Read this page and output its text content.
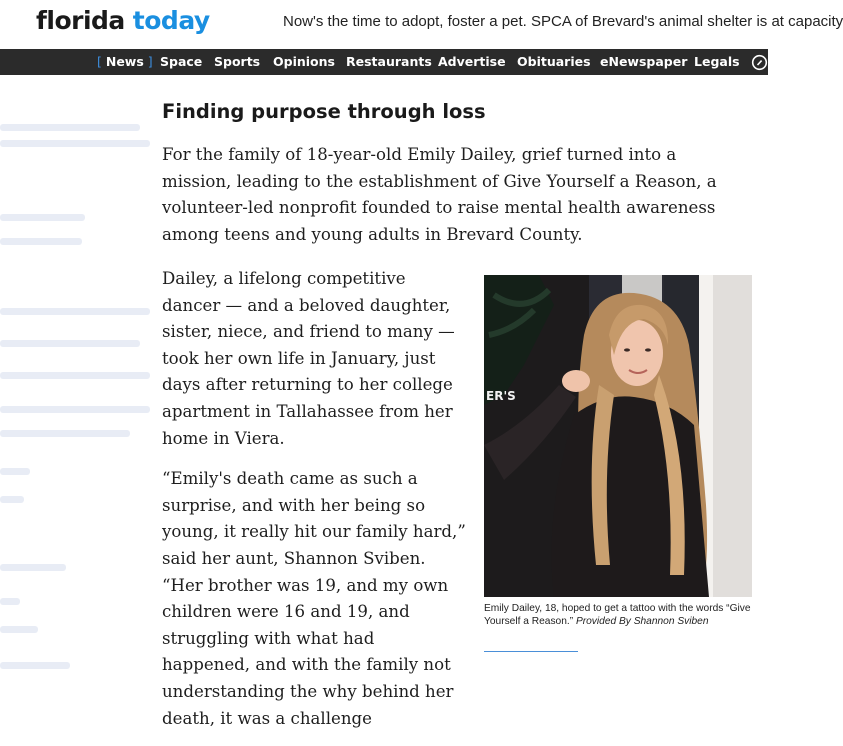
florida today	Now's the time to adopt, foster a pet. SPCA of Brevard's animal shelter is at capacity
[ News ] Space Sports Opinions Restaurants Advertise Obituaries eNewspaper Legals
Finding purpose through loss

For the family of 18-year-old Emily Dailey, grief turned into a mission, leading to the establishment of Give Yourself a Reason, a volunteer-led nonprofit founded to raise mental health awareness among teens and young adults in Brevard County.

Dailey, a lifelong competitive dancer — and a beloved daughter, sister, niece, and friend to many — took her own life in January, just days after returning to her college apartment in Tallahassee from her home in Viera.

“Emily's death came as such a surprise, and with her being so young, it really hit our family hard,” said her aunt, Shannon Sviben. “Her brother was 19, and my own children were 16 and 19, and struggling with what had happened, and with the family not understanding the why behind her death, it was a challenge

ER'S
Emily Dailey, 18, hoped to get a tattoo with the words “Give Yourself a Reason.” Provided By Shannon Sviben
